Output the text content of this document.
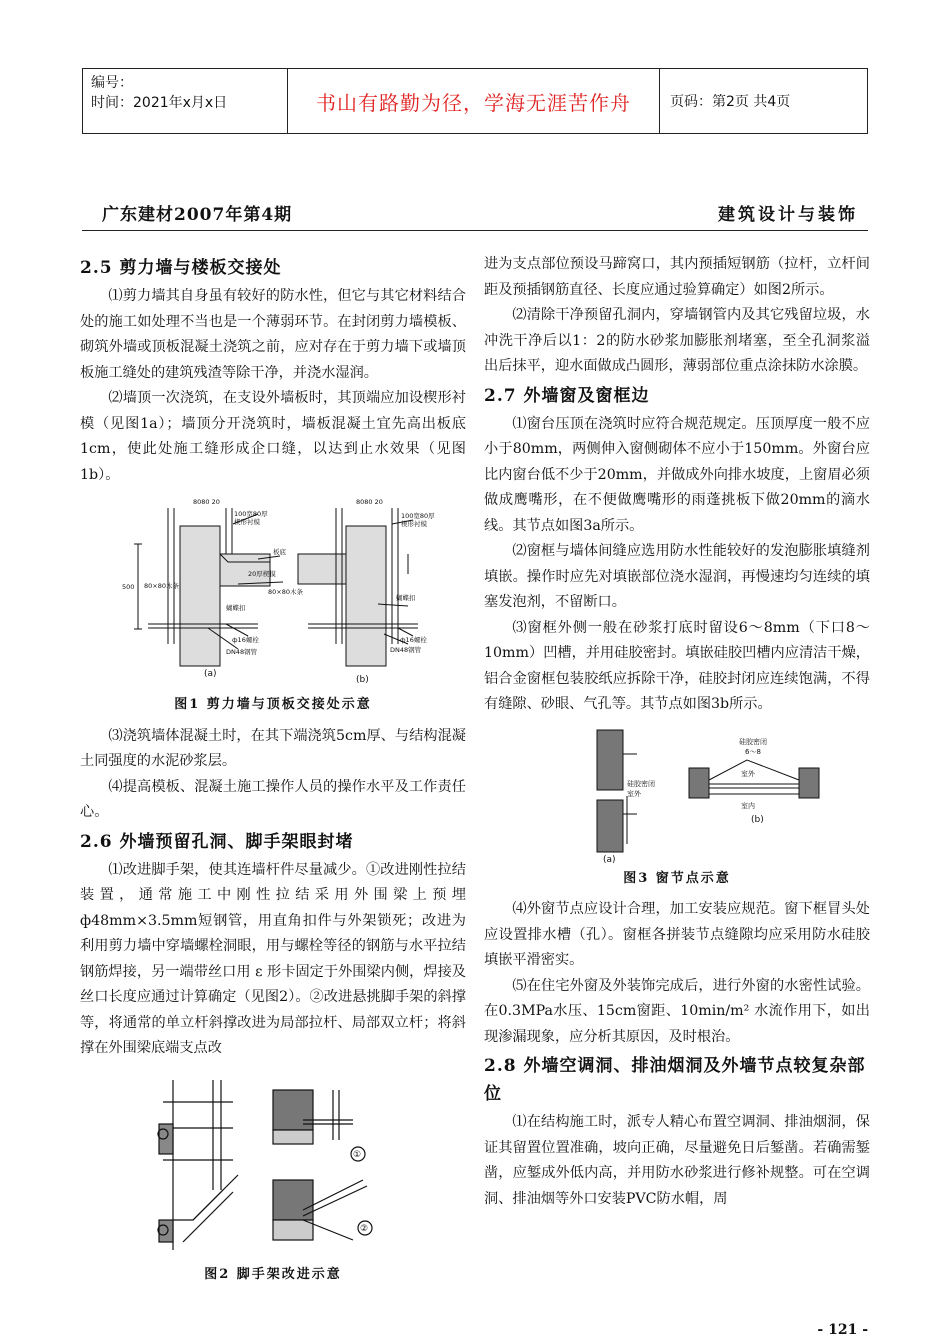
编号：
时间：2021年x月x日	书山有路勤为径，学海无涯苦作舟	页码：第2页 共4页
广东建材2007年第4期	建筑设计与装饰
2.5 剪力墙与楼板交接处

⑴剪力墙其自身虽有较好的防水性，但它与其它材料结合处的施工如处理不当也是一个薄弱环节。在封闭剪力墙模板、砌筑外墙或顶板混凝土浇筑之前，应对存在于剪力墙下或墙顶板施工缝处的建筑残渣等除干净，并浇水湿润。

⑵墙顶一次浇筑，在支设外墙板时，其顶端应加设楔形衬模（见图1a）；墙顶分开浇筑时，墙板混凝土宜先高出板底1cm，使此处施工缝形成企口缝，以达到止水效果（见图1b）。

8080 20	8080 20
100宽80厚
楔形衬模
板底
20厚楔模
80×80木条
80×80木条
蝴蝶扣
ф16螺栓
DN48钢管
500
100宽80厚
楔形衬模
蝴蝶扣
ф16螺栓
DN48钢管
(a)
(b)
图1 剪力墙与顶板交接处示意

⑶浇筑墙体混凝土时，在其下端浇筑5cm厚、与结构混凝土同强度的水泥砂浆层。

⑷提高模板、混凝土施工操作人员的操作水平及工作责任心。

2.6 外墙预留孔洞、脚手架眼封堵

⑴改进脚手架，使其连墙杆件尽量减少。①改进刚性拉结装置，通常施工中刚性拉结采用外围梁上预埋ф48mm×3.5mm短钢管，用直角扣件与外架锁死；改进为利用剪力墙中穿墙螺栓洞眼，用与螺栓等径的钢筋与水平拉结钢筋焊接，另一端带丝口用 ε 形卡固定于外围梁内侧，焊接及丝口长度应通过计算确定（见图2）。②改进悬挑脚手架的斜撑等，将通常的单立杆斜撑改进为局部拉杆、局部双立杆；将斜撑在外围梁底端支点改

①
②
图2 脚手架改进示意

进为支点部位预设马蹄窝口，其内预插短钢筋（拉杆，立杆间距及预插钢筋直径、长度应通过验算确定）如图2所示。

⑵清除干净预留孔洞内，穿墙钢管内及其它残留垃圾，水冲洗干净后以1：2的防水砂浆加膨胀剂堵塞，至全孔洞浆溢出后抹平，迎水面做成凸圆形，薄弱部位重点涂抹防水涂膜。

2.7 外墙窗及窗框边

⑴窗台压顶在浇筑时应符合规范规定。压顶厚度一般不应小于80mm，两侧伸入窗侧砌体不应小于150mm。外窗台应比内窗台低不少于20mm，并做成外向排水坡度，上窗眉必须做成鹰嘴形，在不便做鹰嘴形的雨蓬挑板下做20mm的滴水线。其节点如图3a所示。

⑵窗框与墙体间缝应选用防水性能较好的发泡膨胀填缝剂填嵌。操作时应先对填嵌部位浇水湿润，再慢速均匀连续的填塞发泡剂，不留断口。

⑶窗框外侧一般在砂浆打底时留设6～8mm（下口8～10mm）凹槽，并用硅胶密封。填嵌硅胶凹槽内应清洁干燥，铝合金窗框包装胶纸应拆除干净，硅胶封闭应连续饱满，不得有缝隙、砂眼、气孔等。其节点如图3b所示。

硅胶密闭
6～8
室外
室内
硅胶密闭
室外
(a)
(b)
图3 窗节点示意

⑷外窗节点应设计合理，加工安装应规范。窗下框冒头处应设置排水槽（孔）。窗框各拼装节点缝隙均应采用防水硅胶填嵌平滑密实。

⑸在住宅外窗及外装饰完成后，进行外窗的水密性试验。在0.3MPa水压、15cm窗距、10min/m² 水流作用下，如出现渗漏现象，应分析其原因，及时根治。

2.8 外墙空调洞、排油烟洞及外墙节点较复杂部位

⑴在结构施工时，派专人精心布置空调洞、排油烟洞，保证其留置位置准确，坡向正确，尽量避免日后錾凿。若确需錾凿，应錾成外低内高，并用防水砂浆进行修补规整。可在空调洞、排油烟等外口安装PVC防水帽，周

- 121 -
